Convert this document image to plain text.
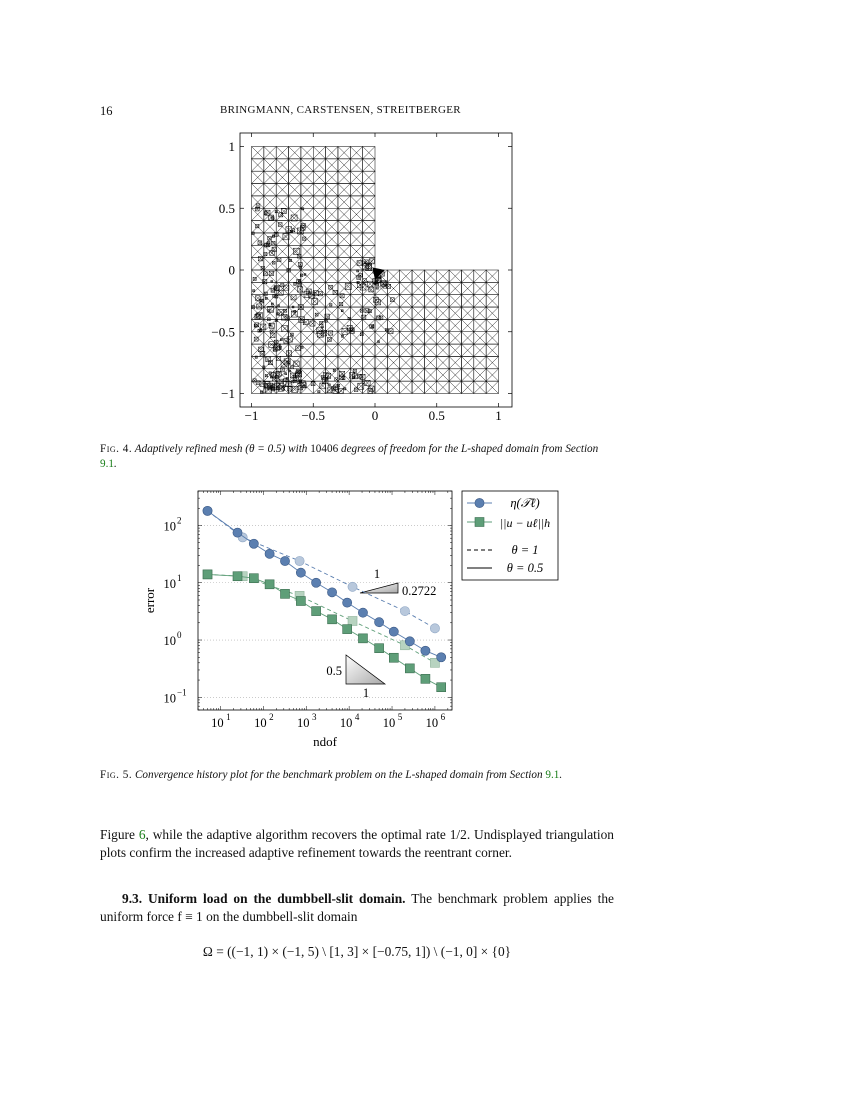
16	BRINGMANN, CARSTENSEN, STREITBERGER
−1	−0.5	0	0.5	1
1
0.5
0
−0.5
−1
Fig. 4. Adaptively refined mesh (θ = 0.5) with 10406 degrees of freedom for the L-shaped domain from Section 9.1.
1
0.2722
0.5
1
10 1 10 2 10 3 10 4 10 5 10 6
10 2
10 1
10 0
10 −1
ndof
error
η(𝒯ℓ)
||u − uℓ||h
θ = 1
θ = 0.5
Fig. 5. Convergence history plot for the benchmark problem on the L-shaped domain from Section 9.1.
Figure 6, while the adaptive algorithm recovers the optimal rate 1/2. Undisplayed triangulation plots confirm the increased adaptive refinement towards the reentrant corner.
9.3. Uniform load on the dumbbell-slit domain. The benchmark problem applies the uniform force f ≡ 1 on the dumbbell-slit domain
Ω = ((−1, 1) × (−1, 5) \ [1, 3] × [−0.75, 1]) \ (−1, 0] × {0}
